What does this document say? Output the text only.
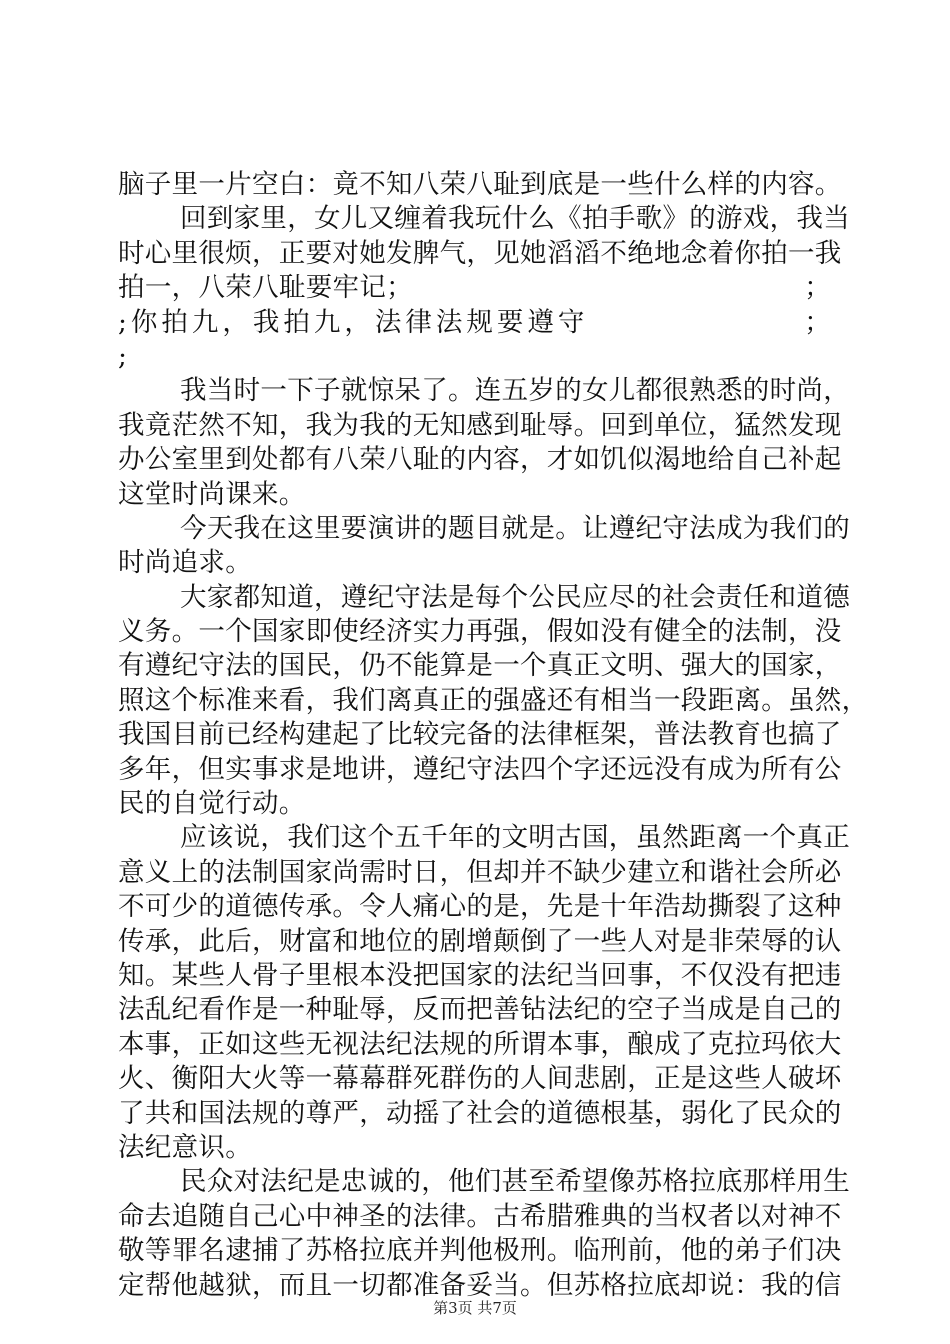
脑子里一片空白：竟不知八荣八耻到底是一些什么样的内容。
回到家里，女儿又缠着我玩什么《拍手歌》的游戏，我当
时心里很烦，正要对她发脾气，见她滔滔不绝地念着你拍一我
拍 一 ， 八 荣 八 耻 要 牢 记 ；	；
;你拍九，我拍九，法律法规要遵守	；
;
我当时一下子就惊呆了。连五岁的女儿都很熟悉的时尚，
我竟茫然不知，我为我的无知感到耻辱。回到单位，猛然发现
办公室里到处都有八荣八耻的内容，才如饥似渴地给自己补起
这堂时尚课来。
今天我在这里要演讲的题目就是。让遵纪守法成为我们的
时尚追求。
大家都知道，遵纪守法是每个公民应尽的社会责任和道德
义务。一个国家即使经济实力再强，假如没有健全的法制，没
有遵纪守法的国民，仍不能算是一个真正文明、强大的国家，
照这个标准来看，我们离真正的强盛还有相当一段距离。虽然，
我国目前已经构建起了比较完备的法律框架，普法教育也搞了
多年，但实事求是地讲，遵纪守法四个字还远没有成为所有公
民的自觉行动。
应该说，我们这个五千年的文明古国，虽然距离一个真正
意义上的法制国家尚需时日，但却并不缺少建立和谐社会所必
不可少的道德传承。令人痛心的是，先是十年浩劫撕裂了这种
传承，此后，财富和地位的剧增颠倒了一些人对是非荣辱的认
知。某些人骨子里根本没把国家的法纪当回事，不仅没有把违
法乱纪看作是一种耻辱，反而把善钻法纪的空子当成是自己的
本事，正如这些无视法纪法规的所谓本事，酿成了克拉玛依大
火、衡阳大火等一幕幕群死群伤的人间悲剧，正是这些人破坏
了共和国法规的尊严，动摇了社会的道德根基，弱化了民众的
法纪意识。
民众对法纪是忠诚的，他们甚至希望像苏格拉底那样用生
命去追随自己心中神圣的法律。古希腊雅典的当权者以对神不
敬等罪名逮捕了苏格拉底并判他极刑。临刑前，他的弟子们决
定帮他越狱，而且一切都准备妥当。但苏格拉底却说：我的信
第3页 共7页
